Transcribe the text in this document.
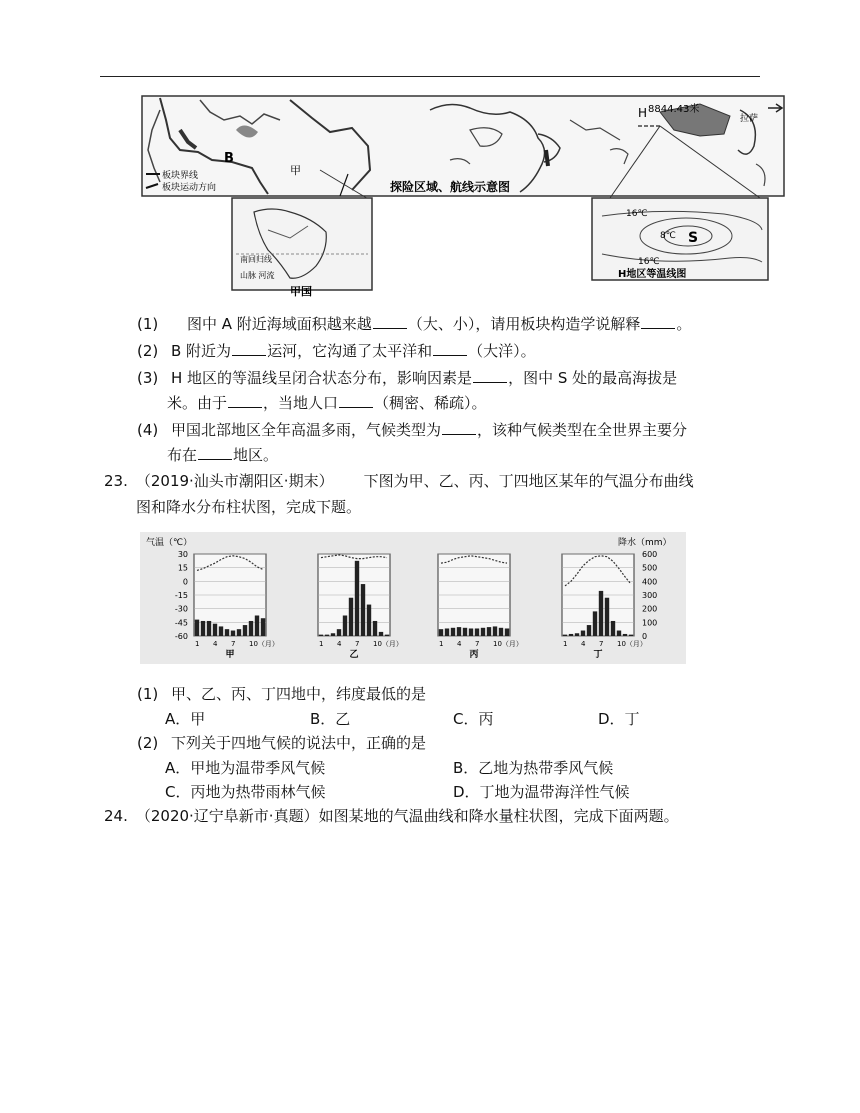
H 8844.43米
拉萨
B
甲
板块界线
板块运动方向	探险区域、航线示意图
南回归线
山脉 河流
甲国
16℃
8℃ S
16℃
H地区等温线图
(1) 图中 A 附近海域面积越来越 （大、小），请用板块构造学说解释 。
(2) B 附近为 运河，它沟通了太平洋和 （大洋）。
(3) H 地区的等温线呈闭合状态分布，影响因素是 ，图中 S 处的最高海拔是
米。由于 ，当地人口 （稠密、稀疏）。
(4) 甲国北部地区全年高温多雨，气候类型为 ，该种气候类型在全世界主要分
布在 地区。
23. （2019·汕头市潮阳区·期末） 下图为甲、乙、丙、丁四地区某年的气温分布曲线
图和降水分布柱状图，完成下题。
气温（℃）	降水（mm）
30
15
0
-15
-30
-45
-60
600
500
400
300
200
100
0
1 4 7 10（月）
甲
1 4 7 10（月）
乙
1 4 7 10（月）
丙
1 4 7 10（月）
丁
(1) 甲、乙、丙、丁四地中，纬度最低的是
A．甲	B．乙	C．丙	D．丁
(2) 下列关于四地气候的说法中，正确的是
A．甲地为温带季风气候	B．乙地为热带季风气候
C．丙地为热带雨林气候	D．丁地为温带海洋性气候
24. （2020·辽宁阜新市·真题）如图某地的气温曲线和降水量柱状图，完成下面两题。
